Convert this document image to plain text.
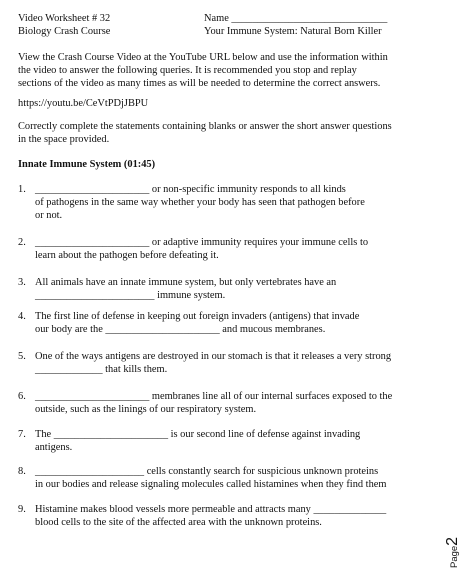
Video Worksheet # 32
Biology Crash Course
Name ______________________________
Your Immune System: Natural Born Killer
View the Crash Course Video at the YouTube URL below and use the information within
the video to answer the following queries. It is recommended you stop and replay
sections of the video as many times as will be needed to determine the correct answers.
https://youtu.be/CeVtPDjJBPU
Correctly complete the statements containing blanks or answer the short answer questions
in the space provided.
Innate Immune System (01:45)
1. ______________________ or non-specific immunity responds to all kinds
of pathogens in the same way whether your body has seen that pathogen before
or not.
2. ______________________ or adaptive immunity requires your immune cells to
learn about the pathogen before defeating it.
3. All animals have an innate immune system, but only vertebrates have an
_______________________ immune system.
4. The first line of defense in keeping out foreign invaders (antigens) that invade
our body are the ______________________ and mucous membranes.
5. One of the ways antigens are destroyed in our stomach is that it releases a very strong
_____________ that kills them.
6. ______________________ membranes line all of our internal surfaces exposed to the
outside, such as the linings of our respiratory system.
7. The ______________________ is our second line of defense against invading
antigens.
8. _____________________ cells constantly search for suspicious unknown proteins
in our bodies and release signaling molecules called histamines when they find them
9. Histamine makes blood vessels more permeable and attracts many ______________
blood cells to the site of the affected area with the unknown proteins.
Page2
